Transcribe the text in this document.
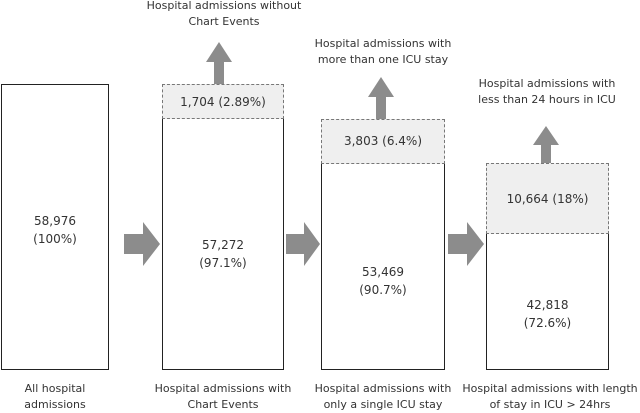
58,976
(100%)	57,272
(97.1%)
53,469
(90.7%)
42,818
(72.6%)
1,704 (2.89%)
3,803 (6.4%)
10,664 (18%)
Hospital admissions without
Chart Events
Hospital admissions with
more than one ICU stay
Hospital admissions with
less than 24 hours in ICU
All hospital
admissions
Hospital admissions with
Chart Events
Hospital admissions with
only a single ICU stay
Hospital admissions with length
of stay in ICU > 24hrs
